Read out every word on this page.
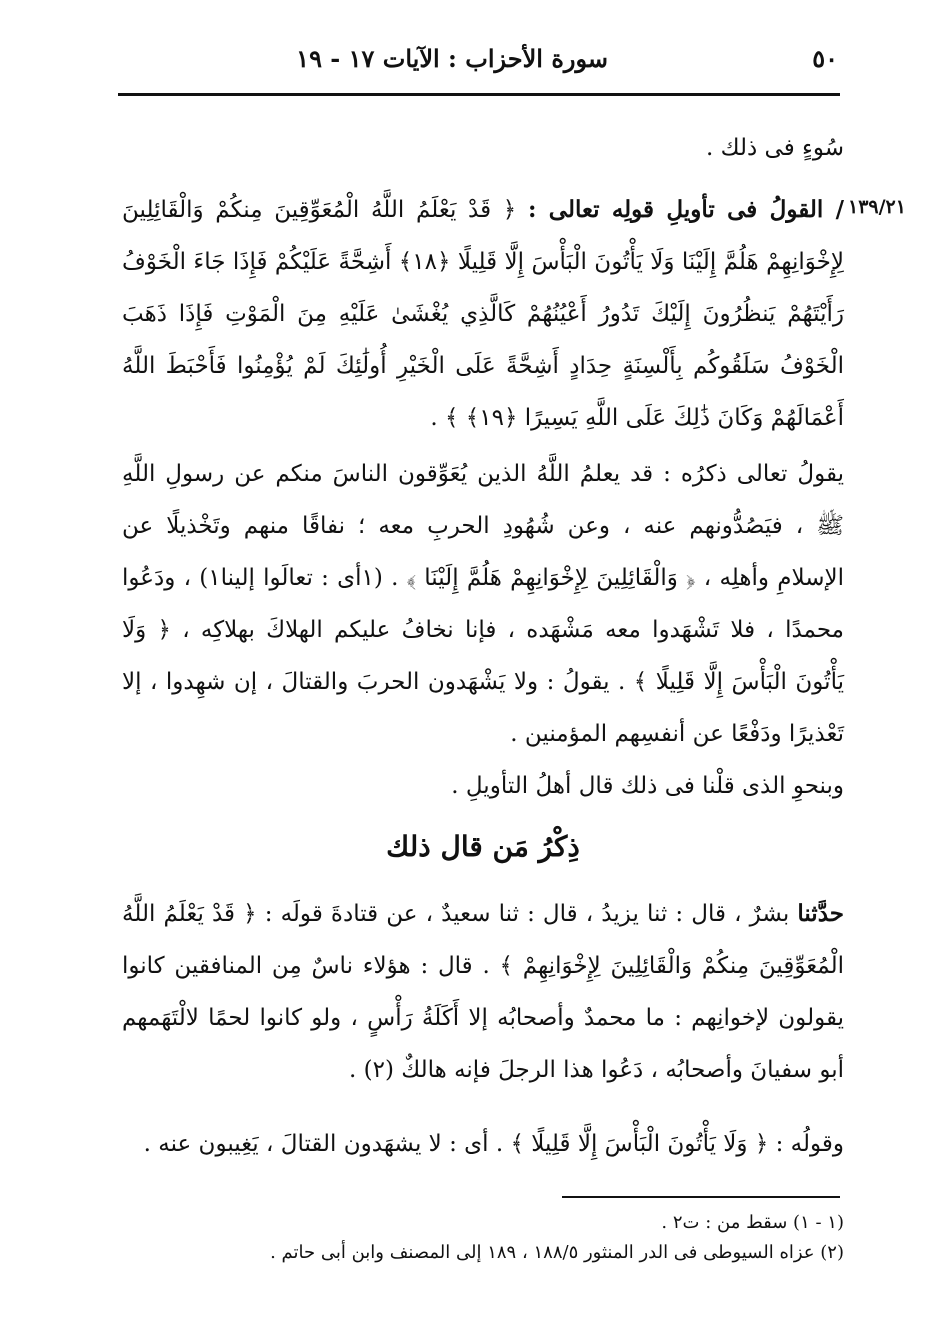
٥٠
سورة الأحزاب : الآيات ١٧ - ١٩
١٣٩/٢١
سُوءٍ فى ذلك .
/ القولُ فى تأويلِ قولِه تعالى : ﴿ قَدْ يَعْلَمُ اللَّهُ الْمُعَوِّقِينَ مِنكُمْ وَالْقَائِلِينَ لِإِخْوَانِهِمْ هَلُمَّ إِلَيْنَا وَلَا يَأْتُونَ الْبَأْسَ إِلَّا قَلِيلًا ﴿١٨﴾ أَشِحَّةً عَلَيْكُمْ فَإِذَا جَاءَ الْخَوْفُ رَأَيْتَهُمْ يَنظُرُونَ إِلَيْكَ تَدُورُ أَعْيُنُهُمْ كَالَّذِي يُغْشَىٰ عَلَيْهِ مِنَ الْمَوْتِ فَإِذَا ذَهَبَ الْخَوْفُ سَلَقُوكُم بِأَلْسِنَةٍ حِدَادٍ أَشِحَّةً عَلَى الْخَيْرِ أُولَٰئِكَ لَمْ يُؤْمِنُوا فَأَحْبَطَ اللَّهُ أَعْمَالَهُمْ وَكَانَ ذَٰلِكَ عَلَى اللَّهِ يَسِيرًا ﴿١٩﴾ ﴾ .
يقولُ تعالى ذكرُه : قد يعلمُ اللَّهُ الذين يُعَوِّقون الناسَ منكم عن رسولِ اللَّهِ ﷺ ، فيَصُدُّونهم عنه ، وعن شُهُودِ الحربِ معه ؛ نفاقًا منهم وتَخْذيلًا عن الإسلامِ وأهلِه ، ﴿ وَالْقَائِلِينَ لِإِخْوَانِهِمْ هَلُمَّ إِلَيْنَا ﴾ . (١أى : تعالَوا إلينا١) ، ودَعُوا محمدًا ، فلا تَشْهَدوا معه مَشْهَده ، فإنا نخافُ عليكم الهلاكَ بهلاكِه ، ﴿ وَلَا يَأْتُونَ الْبَأْسَ إِلَّا قَلِيلًا ﴾ . يقولُ : ولا يَشْهَدون الحربَ والقتالَ ، إن شهِدوا ، إلا تَعْذيرًا ودَفْعًا عن أنفسِهم المؤمنين .
وبنحوِ الذى قلْنا فى ذلك قال أهلُ التأويلِ .
ذِكْرُ مَن قال ذلك
حدَّثنا بشرٌ ، قال : ثنا يزيدُ ، قال : ثنا سعيدٌ ، عن قتادةَ قولَه : ﴿ قَدْ يَعْلَمُ اللَّهُ الْمُعَوِّقِينَ مِنكُمْ وَالْقَائِلِينَ لِإِخْوَانِهِمْ ﴾ . قال : هؤلاء ناسٌ مِن المنافقين كانوا يقولون لإخوانِهم : ما محمدٌ وأصحابُه إلا أَكَلَةُ رَأْسٍ ، ولو كانوا لحمًا لالْتَهَمهم أبو سفيانَ وأصحابُه ، دَعُوا هذا الرجلَ فإنه هالكٌ (٢) .
وقولُه : ﴿ وَلَا يَأْتُونَ الْبَأْسَ إِلَّا قَلِيلًا ﴾ . أى : لا يشهَدون القتالَ ، يَغِيبون عنه .
(١ - ١) سقط من : ت٢ .
(٢) عزاه السيوطى فى الدر المنثور ١٨٨/٥ ، ١٨٩ إلى المصنف وابن أبى حاتم .
